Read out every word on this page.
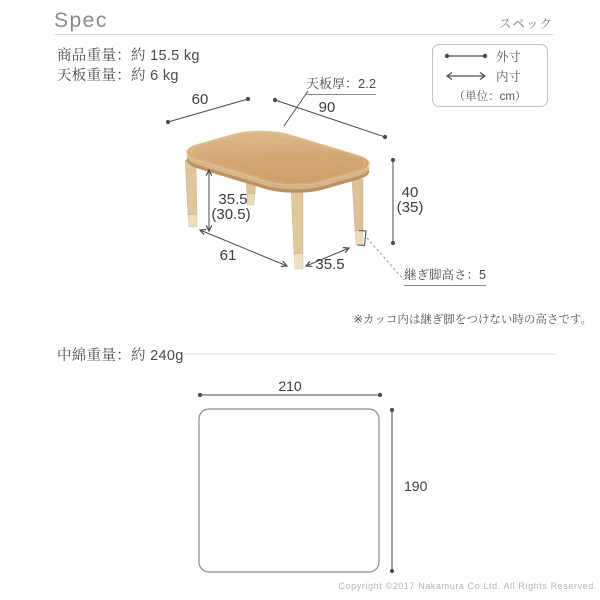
Spec	スペック
商品重量：約 15.5 kg
天板重量：約 6 kg
外寸
内寸
（単位：cm）
60	90
天板厚：2.2
40
(35)
35.5
(30.5)
61
35.5
継ぎ脚高さ：5
※カッコ内は継ぎ脚をつけない時の高さです。
中綿重量：約 240g
210
190
Copyright ©2017 Nakamura Co.Ltd. All Rights Reserved.
